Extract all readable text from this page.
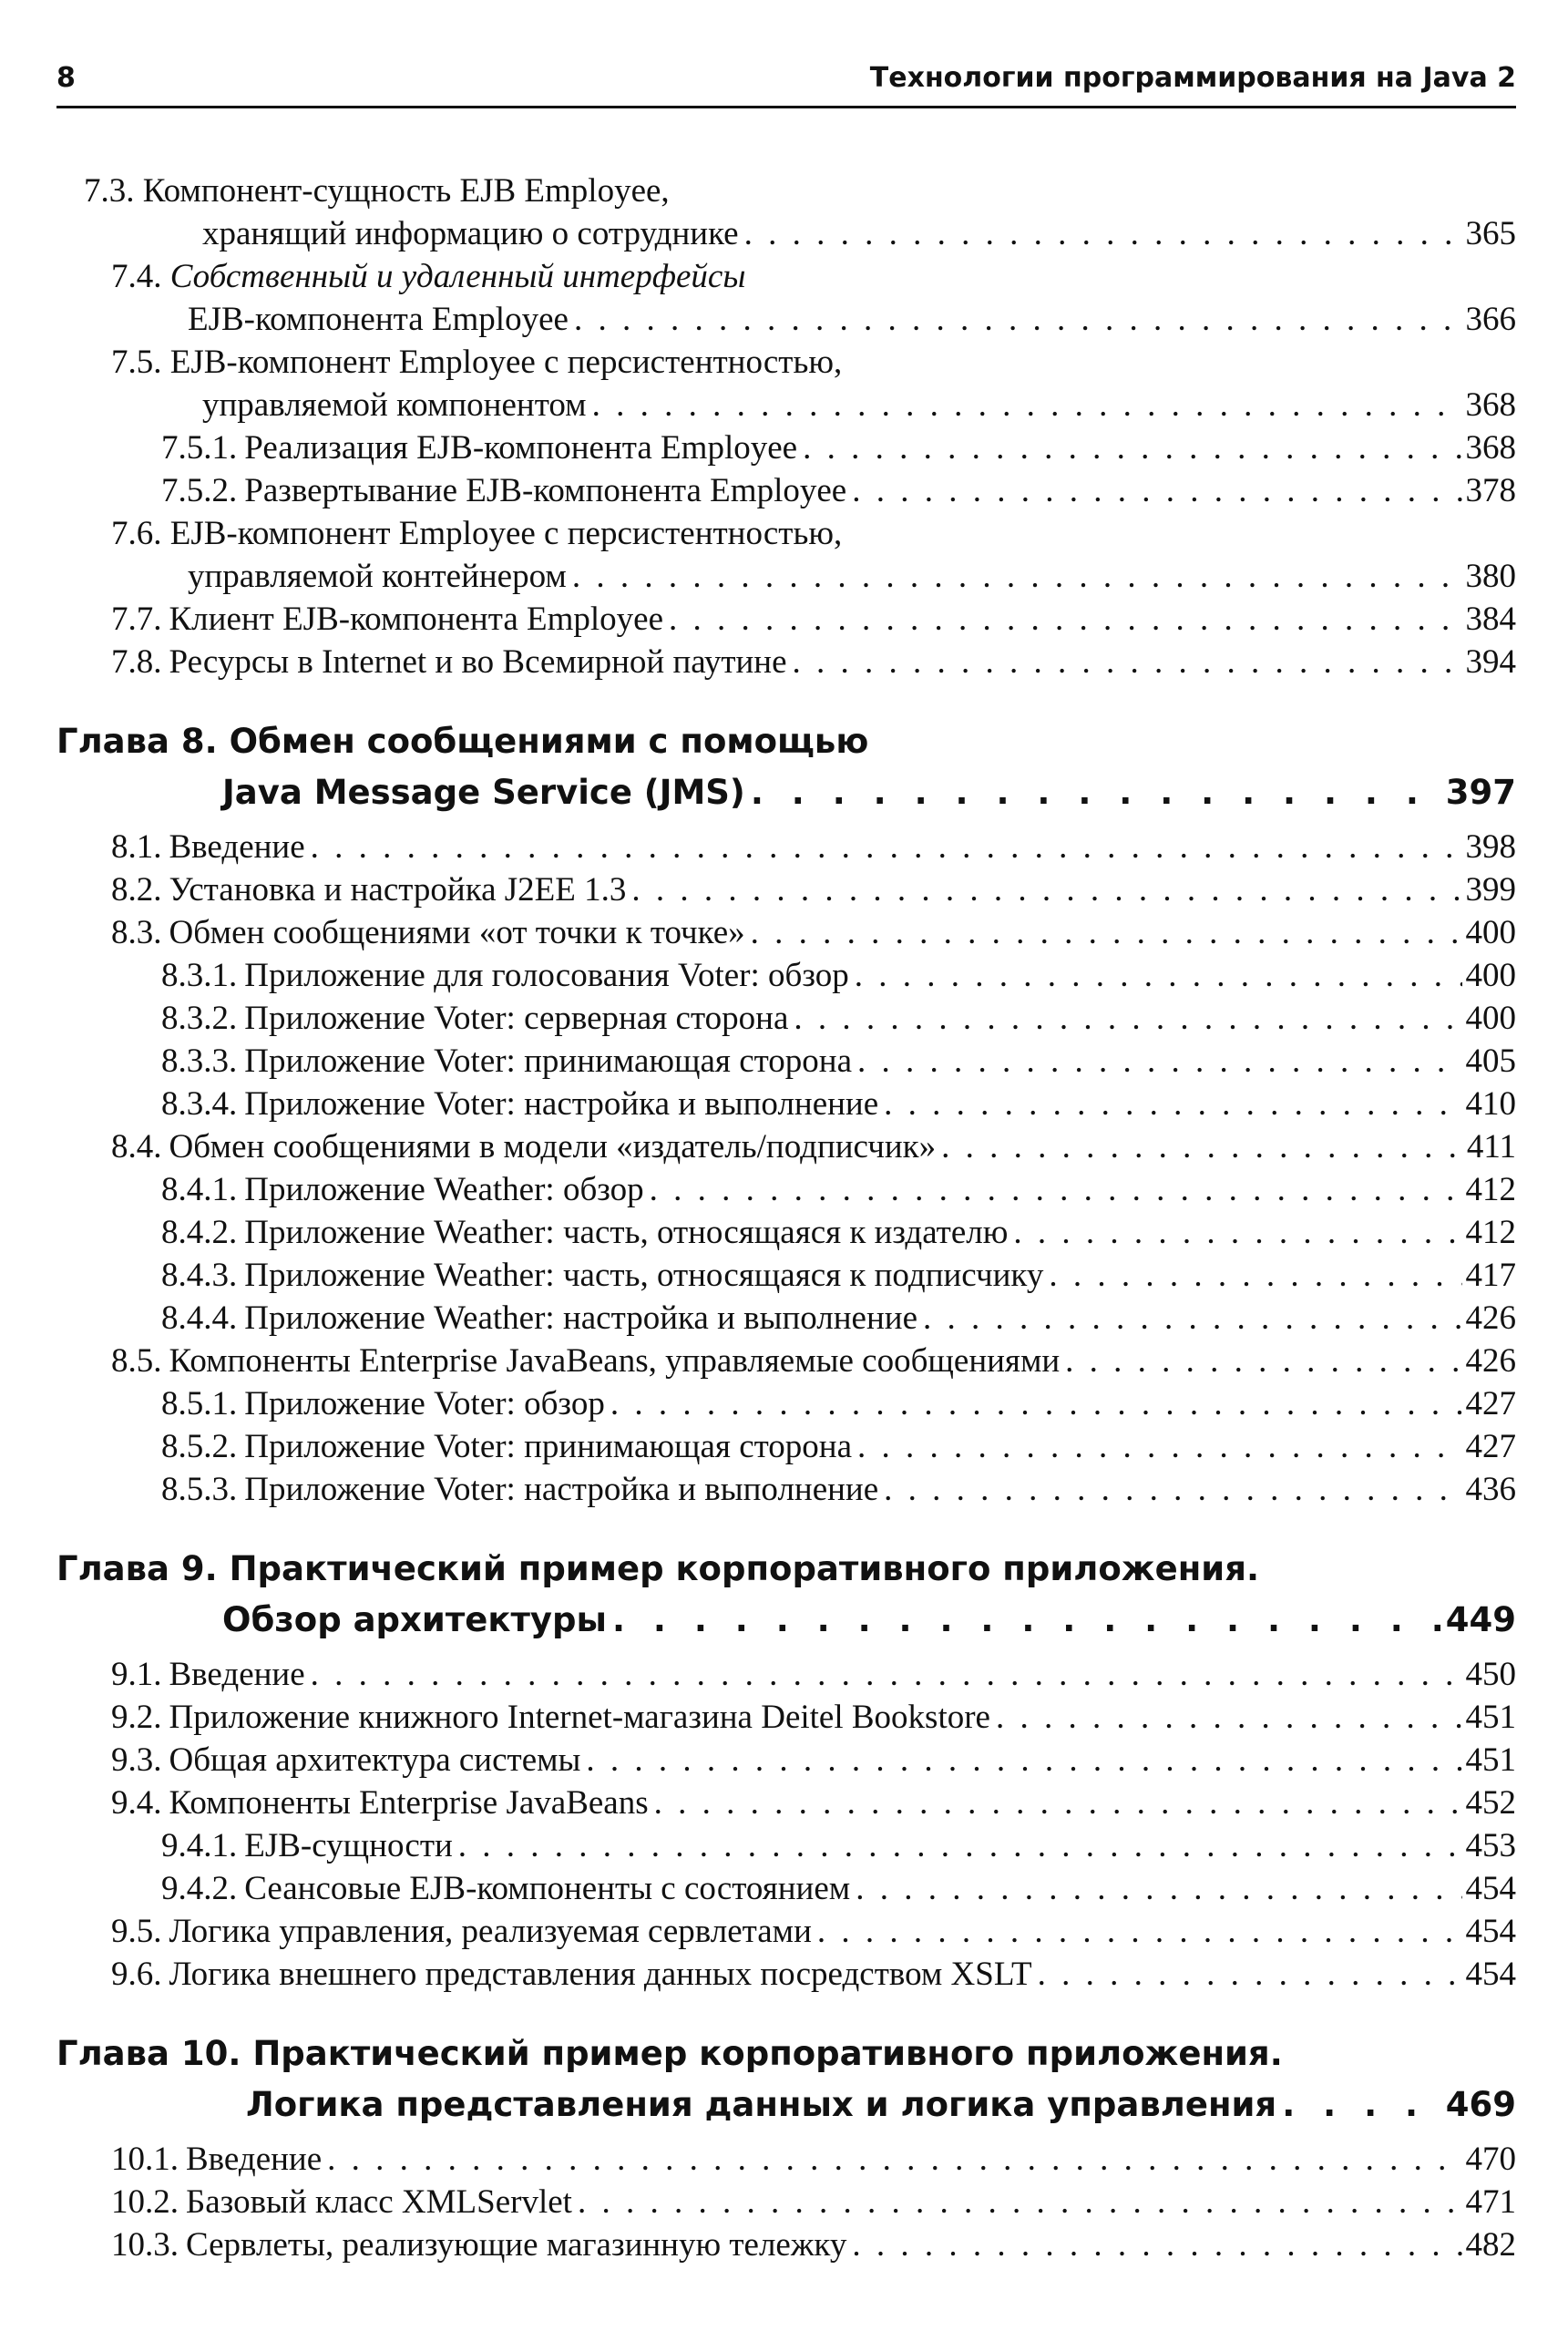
8	Технологии программирования на Java 2
7.3. Компонент-сущность EJB Employee,
хранящий информацию о сотруднике . . .	365
7.4. Собственный и удаленный интерфейсы
EJB-компонента Employee . . .	366
7.5. EJB-компонент Employee с персистентностью,
управляемой компонентом . . .	368
7.5.1. Реализация EJB-компонента Employee . . .	368
7.5.2. Развертывание EJB-компонента Employee . . .	378
7.6. EJB-компонент Employee с персистентностью,
управляемой контейнером . . .	380
7.7. Клиент EJB-компонента Employee . . .	384
7.8. Ресурсы в Internet и во Всемирной паутине . . .	394
Глава 8. Обмен сообщениями с помощью
Java Message Service (JMS) . . .	397
8.1. Введение . . .	398
8.2. Установка и настройка J2EE 1.3 . . .	399
8.3. Обмен сообщениями «от точки к точке» . . .	400
8.3.1. Приложение для голосования Voter: обзор . . .	400
8.3.2. Приложение Voter: серверная сторона . . .	400
8.3.3. Приложение Voter: принимающая сторона . . .	405
8.3.4. Приложение Voter: настройка и выполнение . . .	410
8.4. Обмен сообщениями в модели «издатель/подписчик» . . .	411
8.4.1. Приложение Weather: обзор . . .	412
8.4.2. Приложение Weather: часть, относящаяся к издателю . . .	412
8.4.3. Приложение Weather: часть, относящаяся к подписчику . . .	417
8.4.4. Приложение Weather: настройка и выполнение . . .	426
8.5. Компоненты Enterprise JavaBeans, управляемые сообщениями . . .	426
8.5.1. Приложение Voter: обзор . . .	427
8.5.2. Приложение Voter: принимающая сторона . . .	427
8.5.3. Приложение Voter: настройка и выполнение . . .	436
Глава 9. Практический пример корпоративного приложения.
Обзор архитектуры . . .	449
9.1. Введение . . .	450
9.2. Приложение книжного Internet-магазина Deitel Bookstore . . .	451
9.3. Общая архитектура системы . . .	451
9.4. Компоненты Enterprise JavaBeans . . .	452
9.4.1. EJB-сущности . . .	453
9.4.2. Сеансовые EJB-компоненты с состоянием . . .	454
9.5. Логика управления, реализуемая сервлетами . . .	454
9.6. Логика внешнего представления данных посредством XSLT . . .	454
Глава 10. Практический пример корпоративного приложения.
Логика представления данных и логика управления . . .	469
10.1. Введение . . .	470
10.2. Базовый класс XMLServlet . . .	471
10.3. Сервлеты, реализующие магазинную тележку . . .	482
